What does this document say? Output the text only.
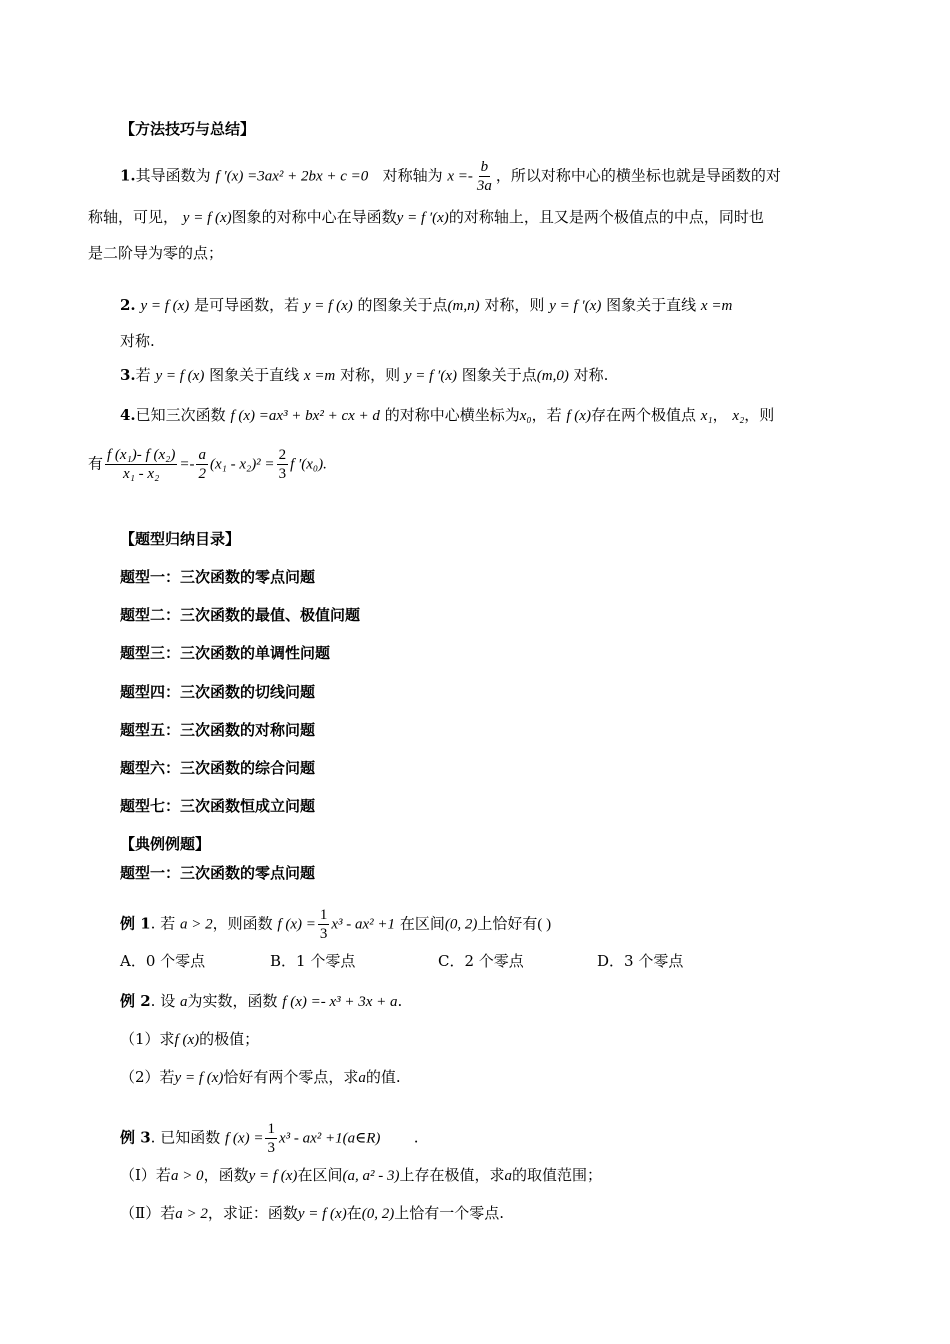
【方法技巧与总结】
1.其导函数为 f ′(x) =3ax² + 2bx + c =0 对称轴为 $x =- \frac{b}{3a}$ ，所以对称中心的横坐标也就是导函数的对
称轴，可见， y = f (x)图象的对称中心在导函数y = f ′(x)的对称轴上，且又是两个极值点的中点，同时也
是二阶导为零的点；
2. y = f (x) 是可导函数，若 y = f (x) 的图象关于点(m,n) 对称，则 y = f ′(x) 图象关于直线 x =m
对称.
3.若 y = f (x) 图象关于直线 x =m 对称，则 y = f ′(x) 图象关于点(m,0) 对称.
4.已知三次函数 f (x) =ax³ + bx² + cx + d 的对称中心横坐标为x₀，若 f (x)存在两个极值点 x₁， x₂，则
有 $\frac{\text{f (x₁)- f (x₂)}}{\text{x₁ - x₂}} =- \frac{a}{2} (x_1 - x_2)^2 = \frac{2}{3}$ f ′(x₀).
【题型归纳目录】
题型一：三次函数的零点问题
题型二：三次函数的最值、极值问题
题型三：三次函数的单调性问题
题型四：三次函数的切线问题
题型五：三次函数的对称问题
题型六：三次函数的综合问题
题型七：三次函数恒成立问题
【典例例题】
题型一：三次函数的零点问题
例 1. 若 a > 2，则函数 f $(x) = \frac{1}{3} x^3 - ax^2 +1$ 在区间(0, 2)上恰好有( )
A．0 个零点	B．1 个零点	C．2 个零点	D．3 个零点
例 2. 设 a为实数，函数 f (x) =- x³ + 3x + a.
（1）求f (x)的极值；
（2）若y = f (x)恰好有两个零点，求a的值.
例 3. 已知函数 f $(x) = \frac{1}{3} x^3 - ax^2$ +1(a∈R) .
（Ⅰ）若a > 0，函数y = f (x)在区间(a, a² - 3)上存在极值，求a的取值范围；
（Ⅱ）若a > 2，求证：函数y = f (x)在(0, 2)上恰有一个零点.
